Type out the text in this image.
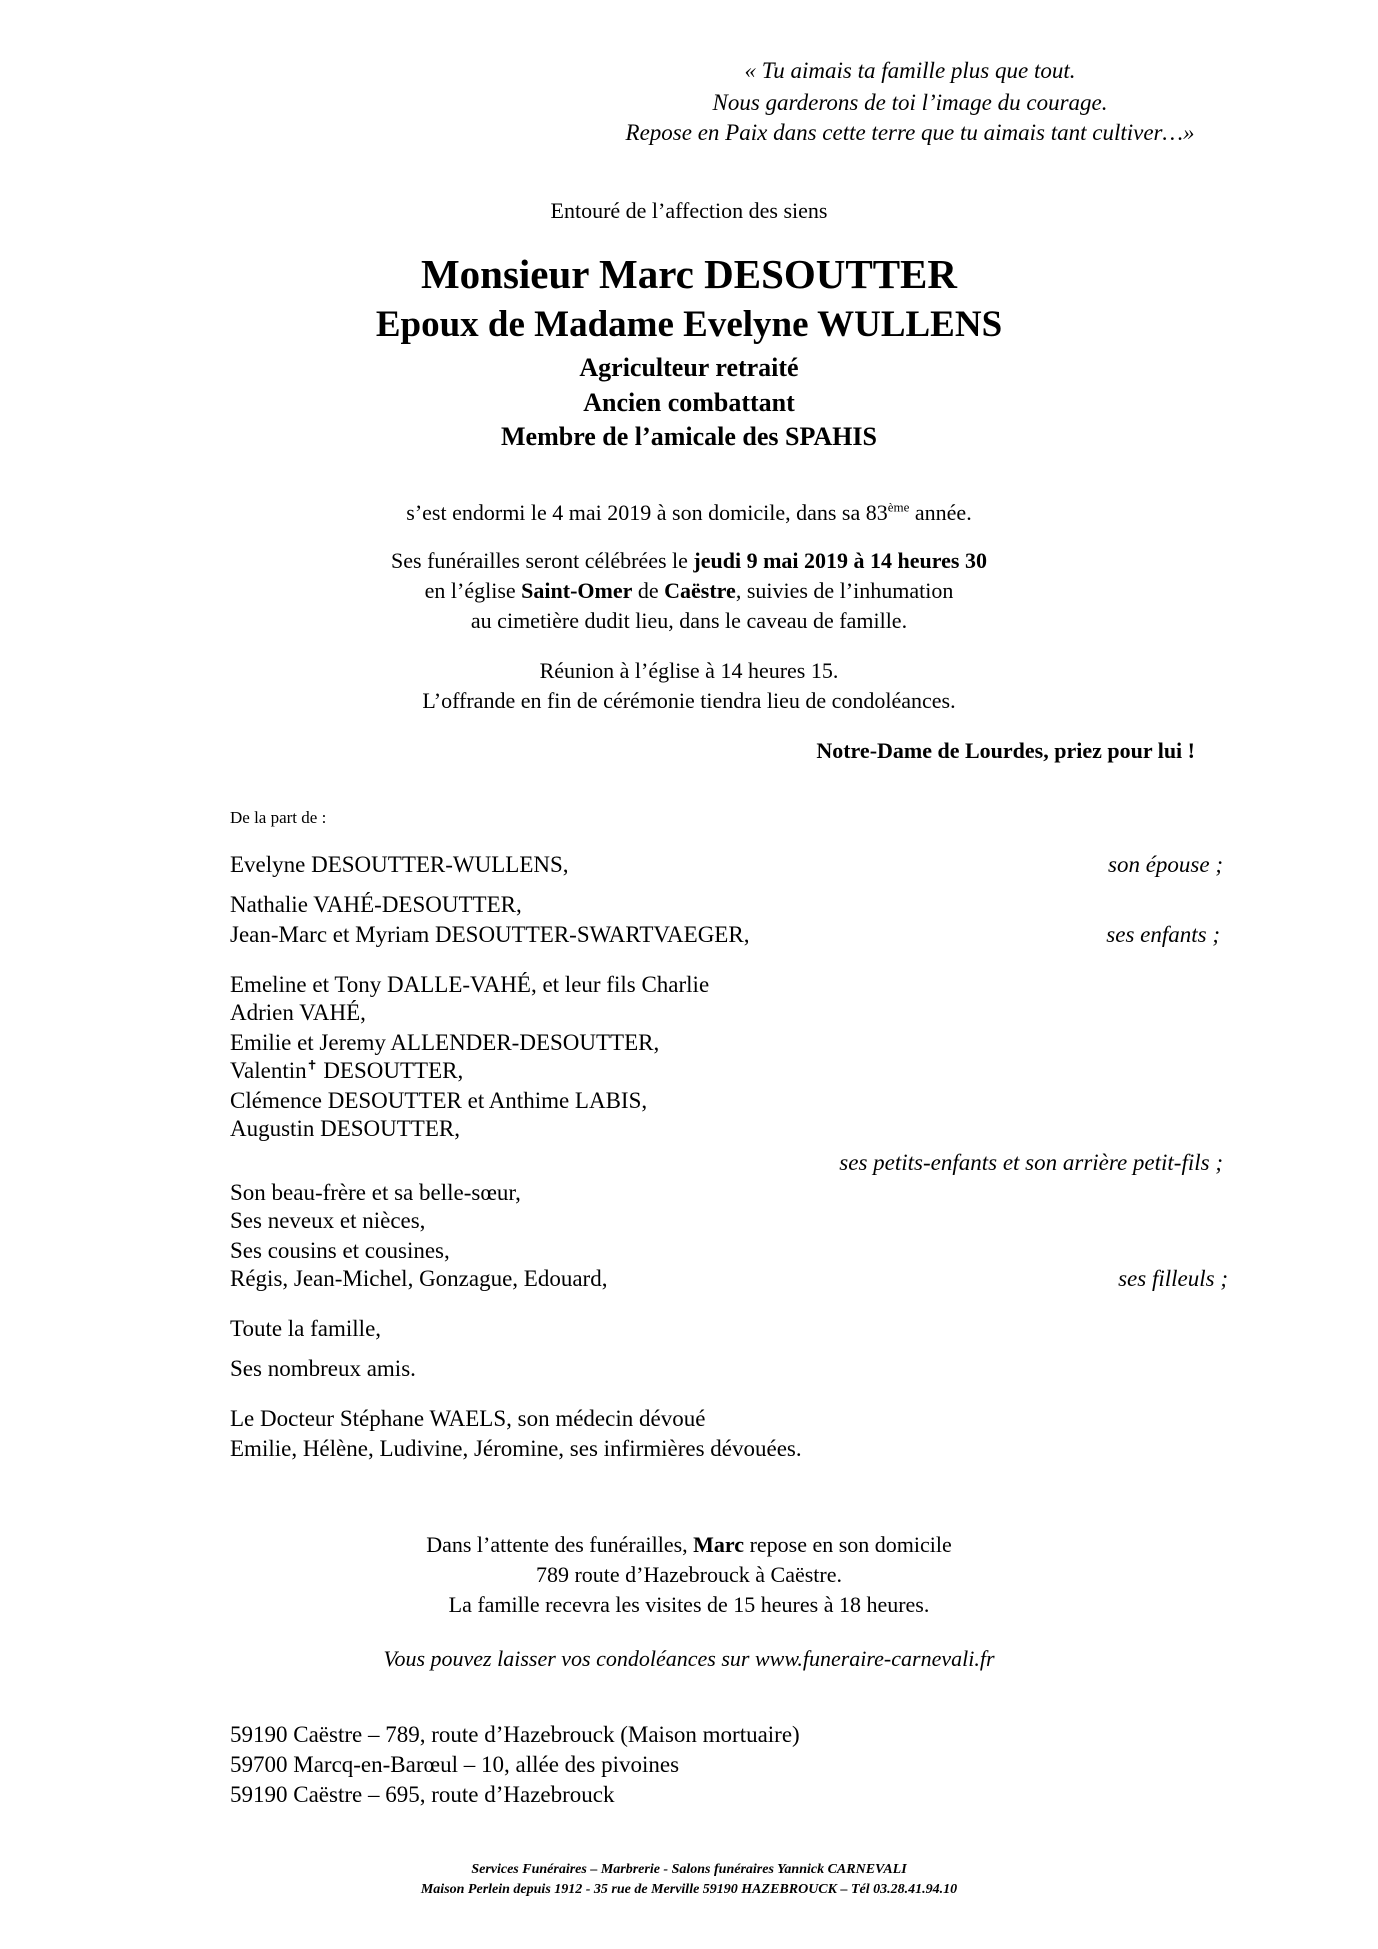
« Tu aimais ta famille plus que tout.
Nous garderons de toi l’image du courage.
Repose en Paix dans cette terre que tu aimais tant cultiver…»
Entouré de l’affection des siens
Monsieur Marc DESOUTTER
Epoux de Madame Evelyne WULLENS
Agriculteur retraité
Ancien combattant
Membre de l’amicale des SPAHIS
s’est endormi le 4 mai 2019 à son domicile, dans sa 83ème année.
Ses funérailles seront célébrées le jeudi 9 mai 2019 à 14 heures 30
en l’église Saint-Omer de Caëstre, suivies de l’inhumation
au cimetière dudit lieu, dans le caveau de famille.
Réunion à l’église à 14 heures 15.
L’offrande en fin de cérémonie tiendra lieu de condoléances.
Notre-Dame de Lourdes, priez pour lui !
De la part de :
Evelyne DESOUTTER-WULLENS,	son épouse ;
Nathalie VAHÉ-DESOUTTER,
Jean-Marc et Myriam DESOUTTER-SWARTVAEGER,	ses enfants ;
Emeline et Tony DALLE-VAHÉ, et leur fils Charlie
Adrien VAHÉ,
Emilie et Jeremy ALLENDER-DESOUTTER,
Valentin✝ DESOUTTER,
Clémence DESOUTTER et Anthime LABIS,
Augustin DESOUTTER,
ses petits-enfants et son arrière petit-fils ;
Son beau-frère et sa belle-sœur,
Ses neveux et nièces,
Ses cousins et cousines,
Régis, Jean-Michel, Gonzague, Edouard,	ses filleuls ;
Toute la famille,
Ses nombreux amis.
Le Docteur Stéphane WAELS, son médecin dévoué
Emilie, Hélène, Ludivine, Jéromine, ses infirmières dévouées.
Dans l’attente des funérailles, Marc repose en son domicile
789 route d’Hazebrouck à Caëstre.
La famille recevra les visites de 15 heures à 18 heures.
Vous pouvez laisser vos condoléances sur www.funeraire-carnevali.fr
59190 Caëstre – 789, route d’Hazebrouck (Maison mortuaire)
59700 Marcq-en-Barœul – 10, allée des pivoines
59190 Caëstre – 695, route d’Hazebrouck
Services Funéraires – Marbrerie - Salons funéraires Yannick CARNEVALI
Maison Perlein depuis 1912 - 35 rue de Merville 59190 HAZEBROUCK – Tél 03.28.41.94.10
